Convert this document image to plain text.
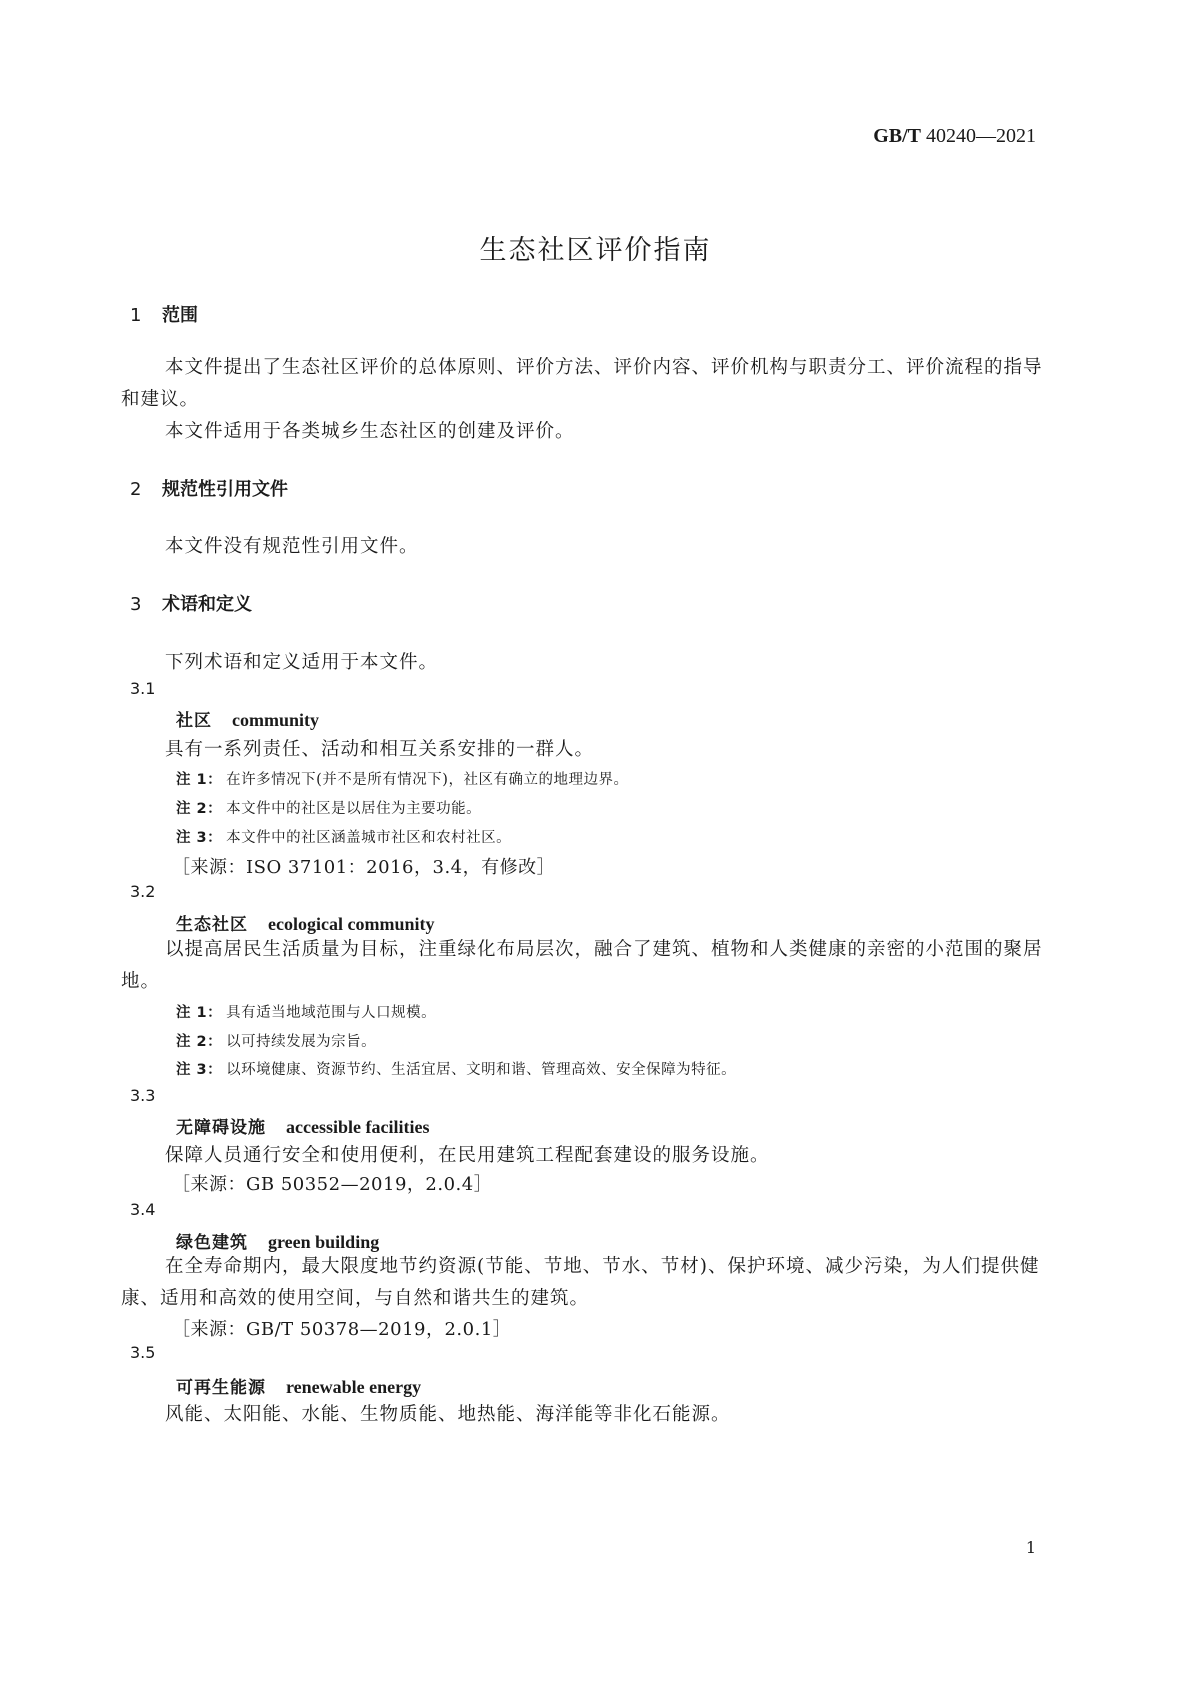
GB/T 40240—2021
生态社区评价指南
1 范围
本文件提出了生态社区评价的总体原则、评价方法、评价内容、评价机构与职责分工、评价流程的指导和建议。
本文件适用于各类城乡生态社区的创建及评价。
2 规范性引用文件
本文件没有规范性引用文件。
3 术语和定义
下列术语和定义适用于本文件。
3.1
社区 community
具有一系列责任、活动和相互关系安排的一群人。
注 1： 在许多情况下(并不是所有情况下)，社区有确立的地理边界。
注 2： 本文件中的社区是以居住为主要功能。
注 3： 本文件中的社区涵盖城市社区和农村社区。
［来源：ISO 37101：2016，3.4，有修改］
3.2
生态社区 ecological community
以提高居民生活质量为目标，注重绿化布局层次，融合了建筑、植物和人类健康的亲密的小范围的聚居地。
注 1： 具有适当地域范围与人口规模。
注 2： 以可持续发展为宗旨。
注 3： 以环境健康、资源节约、生活宜居、文明和谐、管理高效、安全保障为特征。
3.3
无障碍设施 accessible facilities
保障人员通行安全和使用便利，在民用建筑工程配套建设的服务设施。
［来源：GB 50352—2019，2.0.4］
3.4
绿色建筑 green building
在全寿命期内，最大限度地节约资源(节能、节地、节水、节材)、保护环境、减少污染，为人们提供健康、适用和高效的使用空间，与自然和谐共生的建筑。
［来源：GB/T 50378—2019，2.0.1］
3.5
可再生能源 renewable energy
风能、太阳能、水能、生物质能、地热能、海洋能等非化石能源。
1
